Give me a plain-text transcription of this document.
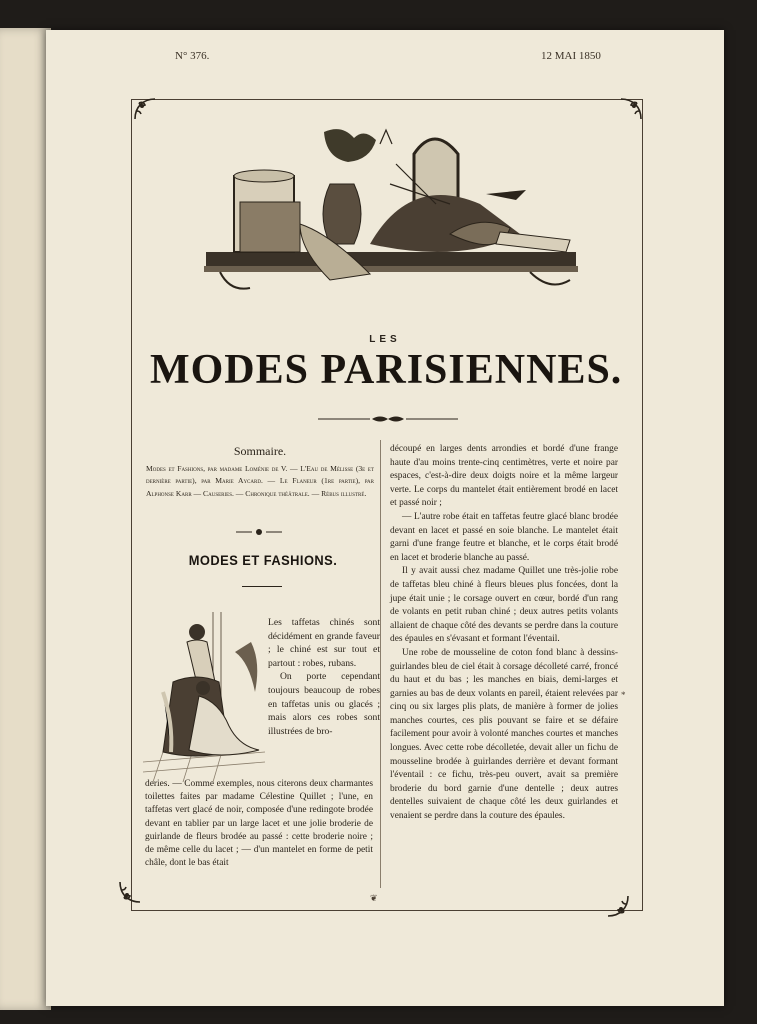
N° 376.	12 MAI 1850
LES
MODES PARISIENNES.
Sommaire.
Modes et Fashions, par madame Loménie de V. — L'Eau de Mélisse (3e et dernière partie), par Marie Aycard. — Le Flaneur (1re partie), par Alphonse Karr — Causeries. — Chronique théâtrale. — Rébus illustré.
MODES ET FASHIONS.

Les taffetas chinés sont décidément en grande faveur ; le chiné est sur tout et partout : robes, rubans.

On porte cependant toujours beaucoup de robes en taffetas unis ou glacés ; mais alors ces robes sont illustrées de bro-

deries. — Comme exemples, nous citerons deux charmantes toilettes faites par madame Célestine Quillet ; l'une, en taffetas vert glacé de noir, composée d'une redingote brodée devant en tablier par un large lacet et une jolie broderie de guirlande de fleurs brodée au passé : cette broderie noire ; de même celle du lacet ; — d'un mantelet en forme de petit châle, dont le bas était

découpé en larges dents arrondies et bordé d'une frange haute d'au moins trente-cinq centimètres, verte et noire par espaces, c'est-à-dire deux doigts noire et la même largeur verte. Le corps du mantelet était entièrement brodé en lacet et passé noir ;

— L'autre robe était en taffetas feutre glacé blanc brodée devant en lacet et passé en soie blanche. Le mantelet était garni d'une frange feutre et blanche, et le corps était brodé en lacet et broderie blanche au passé.

Il y avait aussi chez madame Quillet une très-jolie robe de taffetas bleu chiné à fleurs bleues plus foncées, dont la jupe était unie ; le corsage ouvert en cœur, bordé d'un rang de volants en petit ruban chiné ; deux autres petits volants allaient de chaque côté des devants se perdre dans la couture des épaules en s'évasant et formant l'éventail.

Une robe de mousseline de coton fond blanc à dessins-guirlandes bleu de ciel était à corsage décolleté carré, froncé du haut et du bas ; les manches en biais, demi-larges et garnies au bas de deux volants en pareil, étaient relevées par cinq ou six larges plis plats, de manière à former de jolies manches courtes, ces plis pouvant se faire et se défaire facilement pour avoir à volonté manches courtes et manches longues. Avec cette robe décolletée, devait aller un fichu de mousseline brodée à guirlandes derrière et devant formant l'éventail : ce fichu, très-peu ouvert, avait sa première broderie du bord garnie d'une dentelle ; deux autres dentelles suivaient de chaque côté les deux guirlandes et venaient se perdre dans la couture des épaules.

❦
*
